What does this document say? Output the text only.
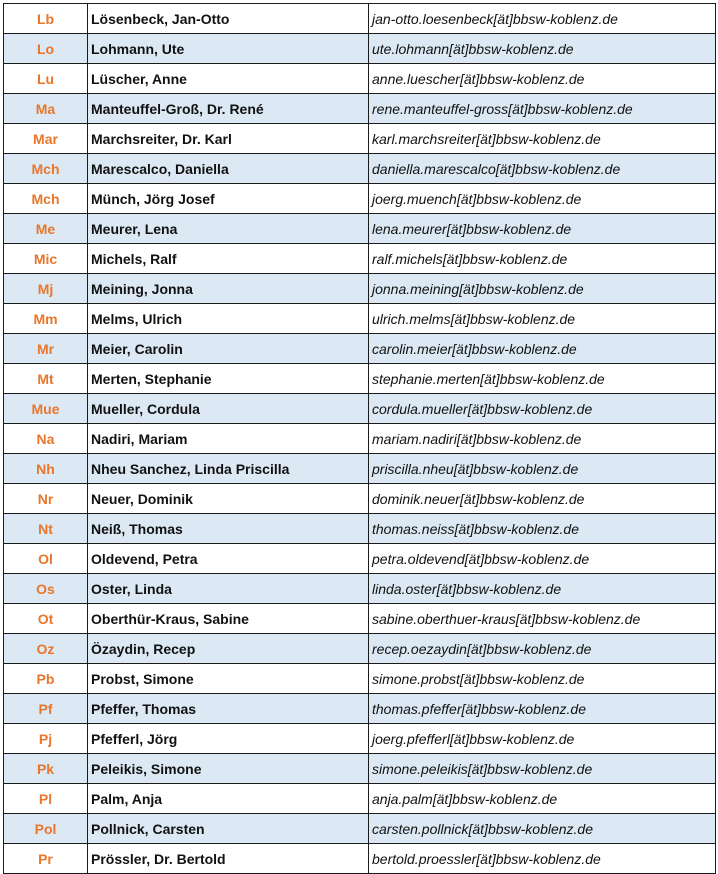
Lb	Lösenbeck, Jan-Otto	jan-otto.loesenbeck[ät]bbsw-koblenz.de
Lo	Lohmann, Ute	ute.lohmann[ät]bbsw-koblenz.de
Lu	Lüscher, Anne	anne.luescher[ät]bbsw-koblenz.de
Ma	Manteuffel-Groß, Dr. René	rene.manteuffel-gross[ät]bbsw-koblenz.de
Mar	Marchsreiter, Dr. Karl	karl.marchsreiter[ät]bbsw-koblenz.de
Mch	Marescalco, Daniella	daniella.marescalco[ät]bbsw-koblenz.de
Mch	Münch, Jörg Josef	joerg.muench[ät]bbsw-koblenz.de
Me	Meurer, Lena	lena.meurer[ät]bbsw-koblenz.de
Mic	Michels, Ralf	ralf.michels[ät]bbsw-koblenz.de
Mj	Meining, Jonna	jonna.meining[ät]bbsw-koblenz.de
Mm	Melms, Ulrich	ulrich.melms[ät]bbsw-koblenz.de
Mr	Meier, Carolin	carolin.meier[ät]bbsw-koblenz.de
Mt	Merten, Stephanie	stephanie.merten[ät]bbsw-koblenz.de
Mue	Mueller, Cordula	cordula.mueller[ät]bbsw-koblenz.de
Na	Nadiri, Mariam	mariam.nadiri[ät]bbsw-koblenz.de
Nh	Nheu Sanchez, Linda Priscilla	priscilla.nheu[ät]bbsw-koblenz.de
Nr	Neuer, Dominik	dominik.neuer[ät]bbsw-koblenz.de
Nt	Neiß, Thomas	thomas.neiss[ät]bbsw-koblenz.de
Ol	Oldevend, Petra	petra.oldevend[ät]bbsw-koblenz.de
Os	Oster, Linda	linda.oster[ät]bbsw-koblenz.de
Ot	Oberthür-Kraus, Sabine	sabine.oberthuer-kraus[ät]bbsw-koblenz.de
Oz	Özaydin, Recep	recep.oezaydin[ät]bbsw-koblenz.de
Pb	Probst, Simone	simone.probst[ät]bbsw-koblenz.de
Pf	Pfeffer, Thomas	thomas.pfeffer[ät]bbsw-koblenz.de
Pj	Pfefferl, Jörg	joerg.pfefferl[ät]bbsw-koblenz.de
Pk	Peleikis, Simone	simone.peleikis[ät]bbsw-koblenz.de
Pl	Palm, Anja	anja.palm[ät]bbsw-koblenz.de
Pol	Pollnick, Carsten	carsten.pollnick[ät]bbsw-koblenz.de
Pr	Prössler, Dr. Bertold	bertold.proessler[ät]bbsw-koblenz.de
